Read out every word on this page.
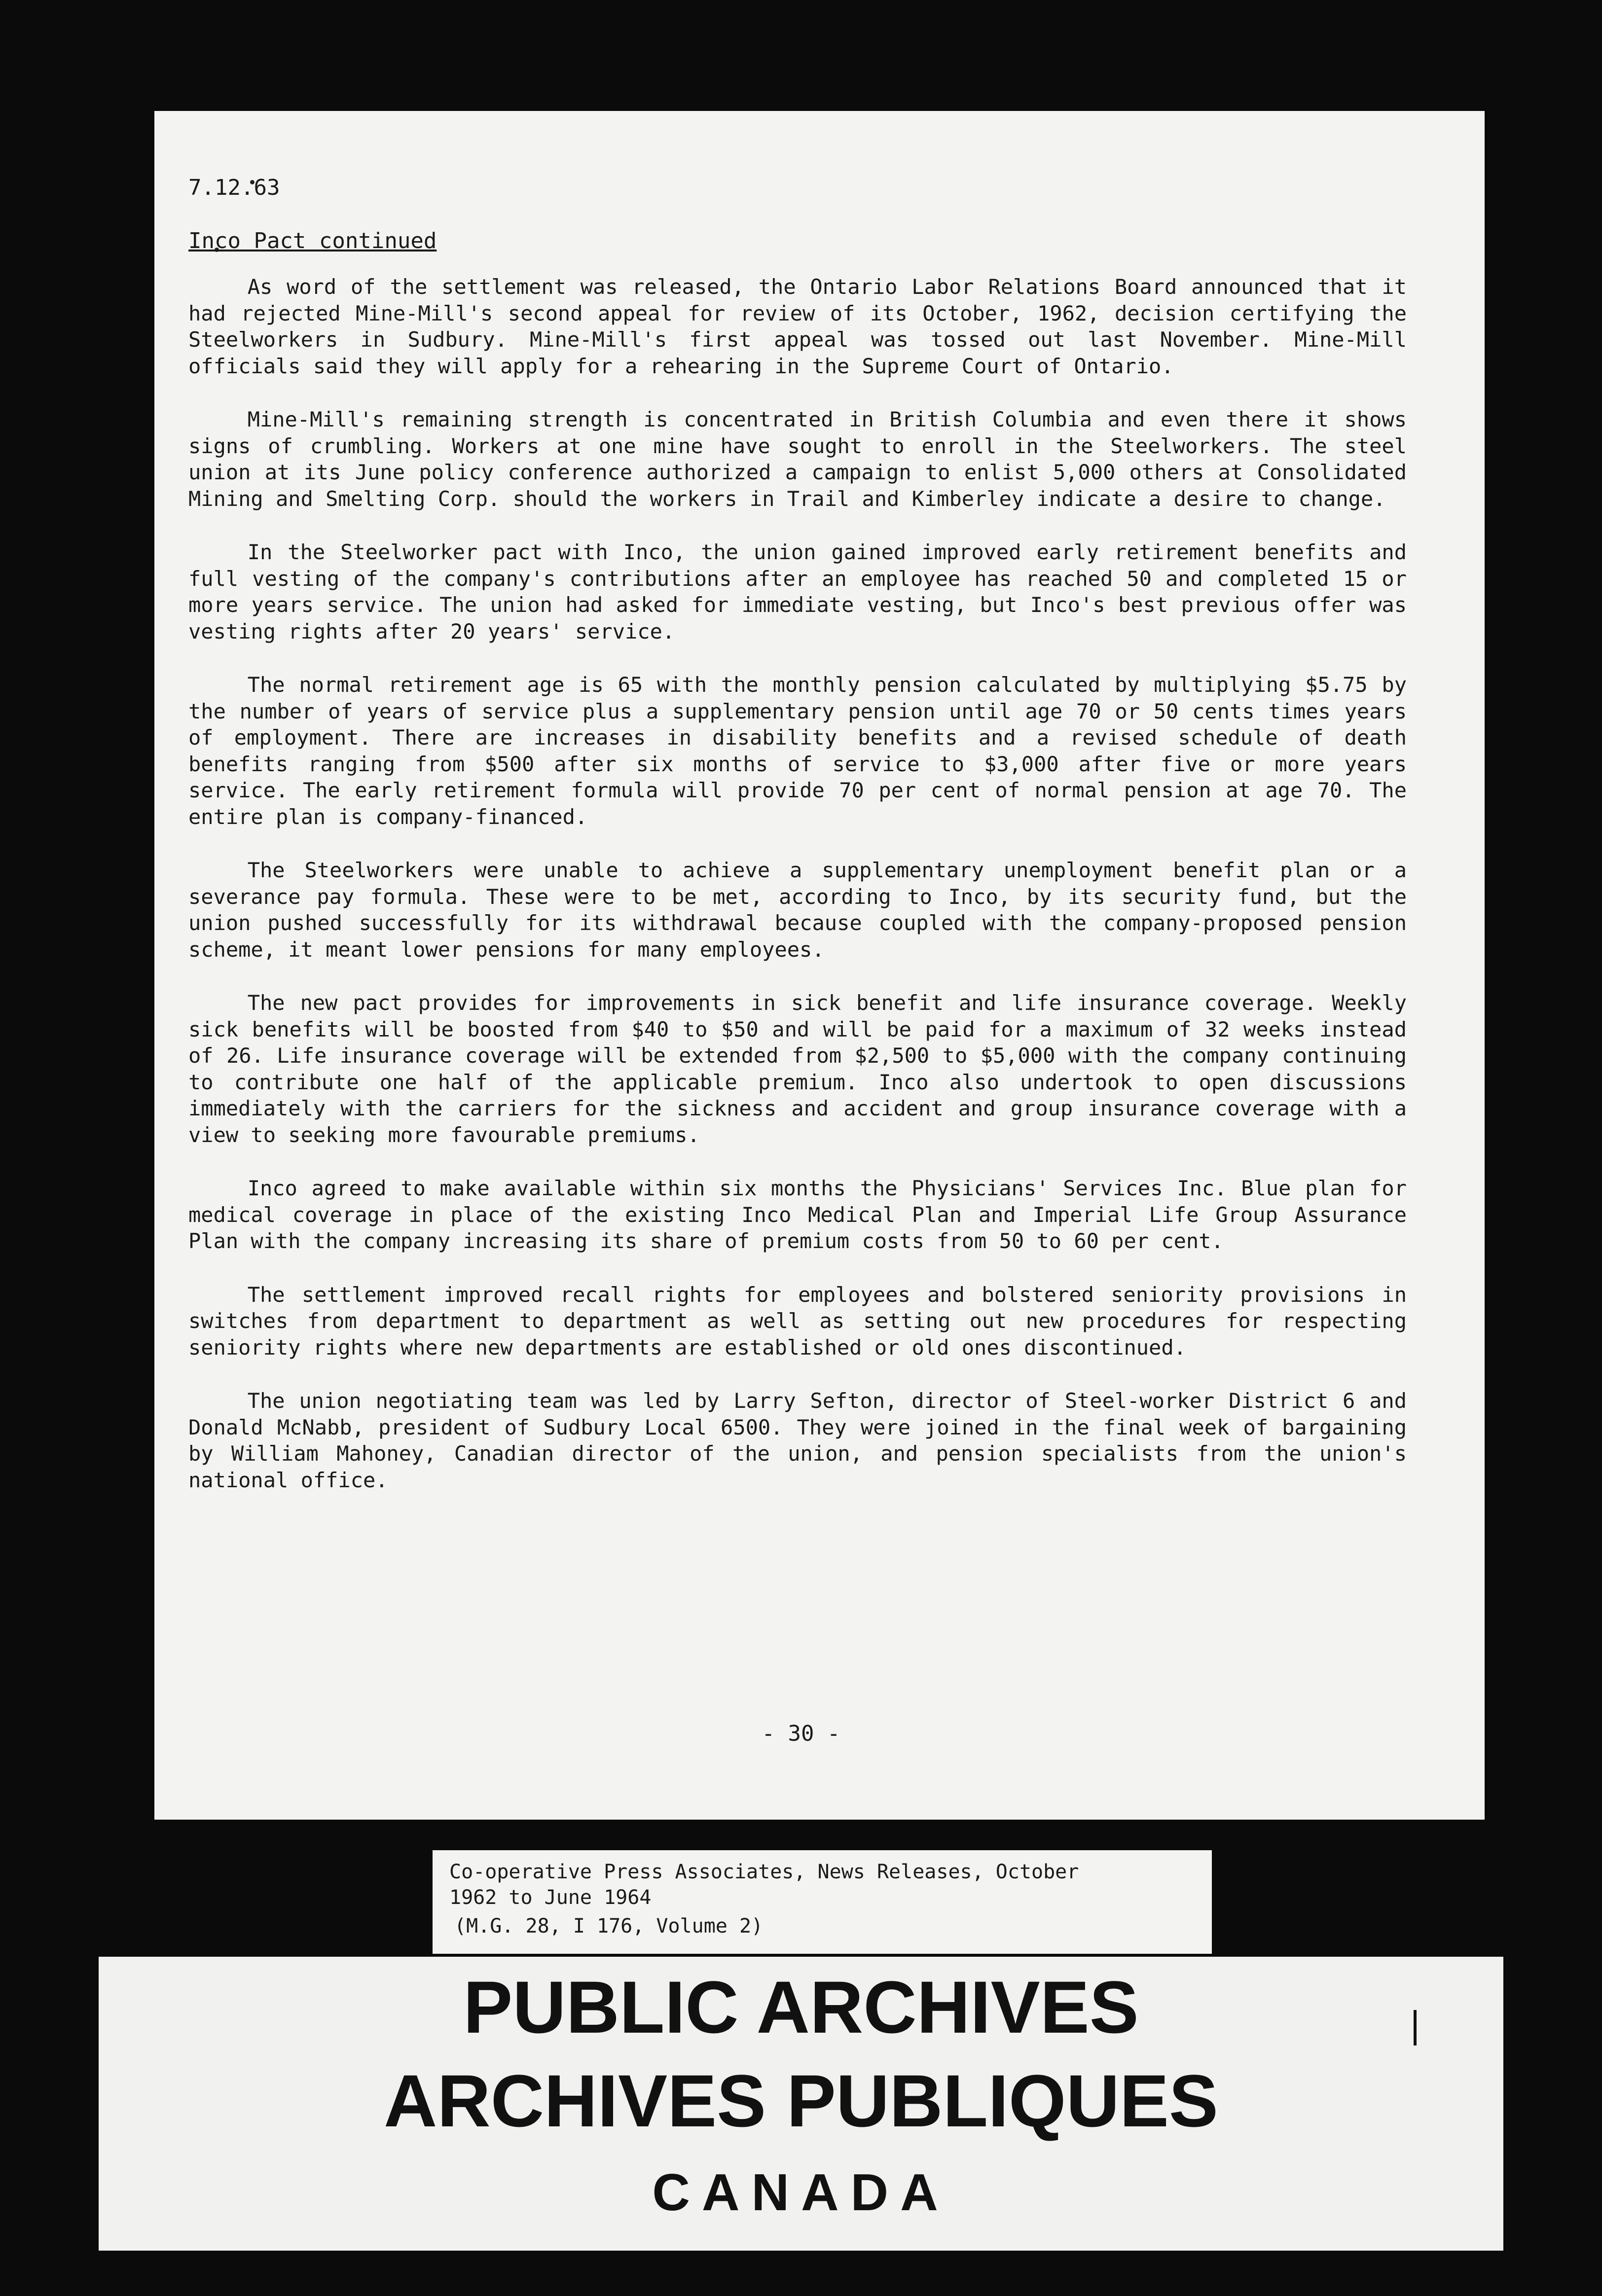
7.12.63
Inco Pact continued

As word of the settlement was released, the Ontario Labor Relations Board announced that it had rejected Mine-Mill's second appeal for review of its October, 1962, decision certifying the Steelworkers in Sudbury. Mine-Mill's first appeal was tossed out last November. Mine-Mill officials said they will apply for a rehearing in the Supreme Court of Ontario.

Mine-Mill's remaining strength is concentrated in British Columbia and even there it shows signs of crumbling. Workers at one mine have sought to enroll in the Steelworkers. The steel union at its June policy conference authorized a campaign to enlist 5,000 others at Consolidated Mining and Smelting Corp. should the workers in Trail and Kimberley indicate a desire to change.

In the Steelworker pact with Inco, the union gained improved early retirement benefits and full vesting of the company's contributions after an employee has reached 50 and completed 15 or more years service. The union had asked for immediate vesting, but Inco's best previous offer was vesting rights after 20 years' service.

The normal retirement age is 65 with the monthly pension calculated by multiplying $5.75 by the number of years of service plus a supplementary pension until age 70 or 50 cents times years of employment. There are increases in disability benefits and a revised schedule of death benefits ranging from $500 after six months of service to $3,000 after five or more years service. The early retirement formula will provide 70 per cent of normal pension at age 70. The entire plan is company-financed.

The Steelworkers were unable to achieve a supplementary unemployment benefit plan or a severance pay formula. These were to be met, according to Inco, by its security fund, but the union pushed successfully for its withdrawal because coupled with the company-proposed pension scheme, it meant lower pensions for many employees.

The new pact provides for improvements in sick benefit and life insurance coverage. Weekly sick benefits will be boosted from $40 to $50 and will be paid for a maximum of 32 weeks instead of 26. Life insurance coverage will be extended from $2,500 to $5,000 with the company continuing to contribute one half of the applicable premium. Inco also undertook to open discussions immediately with the carriers for the sickness and accident and group insurance coverage with a view to seeking more favourable premiums.

Inco agreed to make available within six months the Physicians' Services Inc. Blue plan for medical coverage in place of the existing Inco Medical Plan and Imperial Life Group Assurance Plan with the company increasing its share of premium costs from 50 to 60 per cent.

The settlement improved recall rights for employees and bolstered seniority provisions in switches from department to department as well as setting out new procedures for respecting seniority rights where new departments are established or old ones discontinued.

The union negotiating team was led by Larry Sefton, director of Steel-worker District 6 and Donald McNabb, president of Sudbury Local 6500. They were joined in the final week of bargaining by William Mahoney, Canadian director of the union, and pension specialists from the union's national office.

- 30 -
Co-operative Press Associates, News Releases, October
1962 to June 1964
(M.G. 28, I 176, Volume 2)
PUBLIC ARCHIVES
ARCHIVES PUBLIQUES
CANADA
